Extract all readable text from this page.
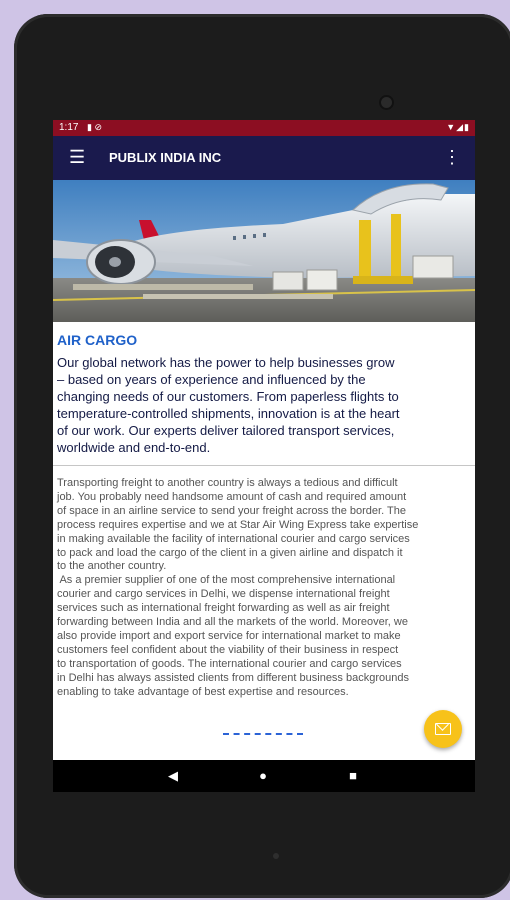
1:17 ▮ ⊘	▼◢▮
☰ PUBLIX INDIA INC	⋮
AIR CARGO

Our global network has the power to help businesses grow
– based on years of experience and influenced by the
changing needs of our customers. From paperless flights to
temperature-controlled shipments, innovation is at the heart
of our work. Our experts deliver tailored transport services,
worldwide and end-to-end.

Transporting freight to another country is always a tedious and difficult
job. You probably need handsome amount of cash and required amount
of space in an airline service to send your freight across the border. The
process requires expertise and we at Star Air Wing Express take expertise
in making available the facility of international courier and cargo services
to pack and load the cargo of the client in a given airline and dispatch it
to the another country.
As a premier supplier of one of the most comprehensive international
courier and cargo services in Delhi, we dispense international freight
services such as international freight forwarding as well as air freight
forwarding between India and all the markets of the world. Moreover, we
also provide import and export service for international market to make
customers feel confident about the viability of their business in respect
to transportation of goods. The international courier and cargo services
in Delhi has always assisted clients from different business backgrounds
enabling to take advantage of best expertise and resources.
◀	●	■
